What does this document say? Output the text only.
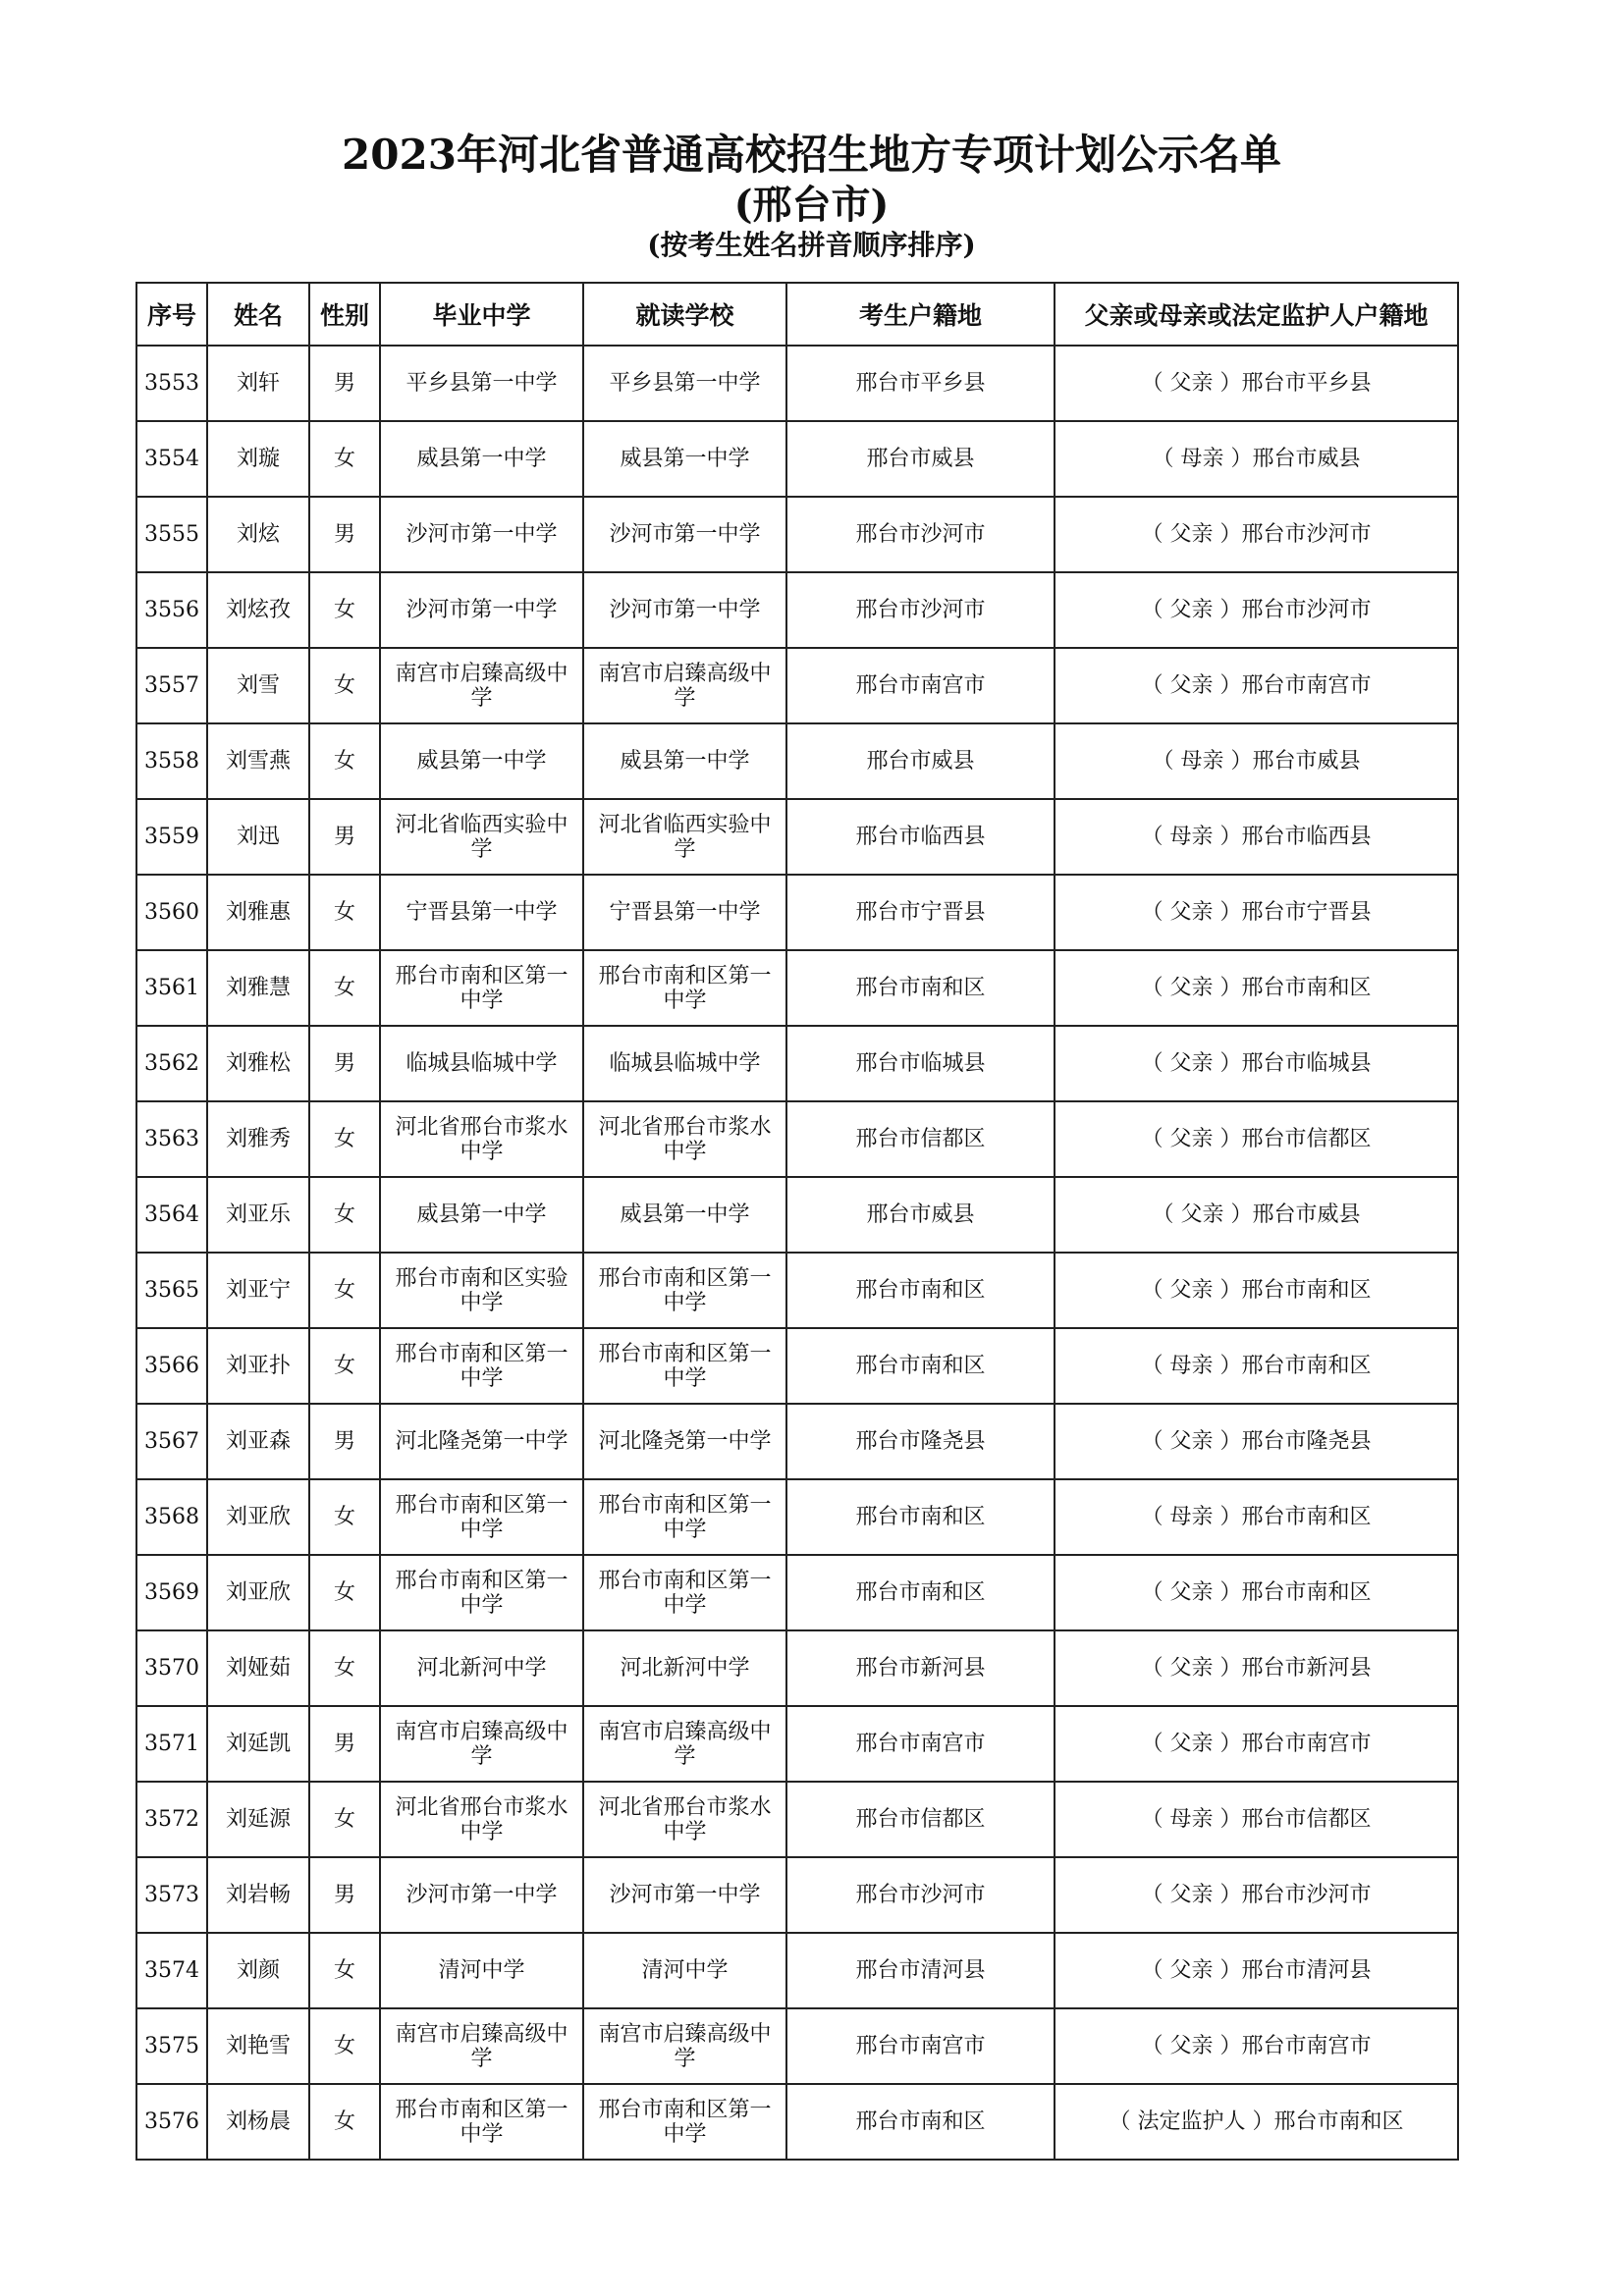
2023年河北省普通高校招生地方专项计划公示名单
(邢台市)
(按考生姓名拼音顺序排序)
序号	姓名	性别	毕业中学	就读学校	考生户籍地	父亲或母亲或法定监护人户籍地
3553	刘轩	男	平乡县第一中学	平乡县第一中学	邢台市平乡县	（ 父亲 ）邢台市平乡县
3554	刘璇	女	威县第一中学	威县第一中学	邢台市威县	（ 母亲 ）邢台市威县
3555	刘炫	男	沙河市第一中学	沙河市第一中学	邢台市沙河市	（ 父亲 ）邢台市沙河市
3556	刘炫孜	女	沙河市第一中学	沙河市第一中学	邢台市沙河市	（ 父亲 ）邢台市沙河市
3557	刘雪	女	南宫市启臻高级中学	南宫市启臻高级中学	邢台市南宫市	（ 父亲 ）邢台市南宫市
3558	刘雪燕	女	威县第一中学	威县第一中学	邢台市威县	（ 母亲 ）邢台市威县
3559	刘迅	男	河北省临西实验中学	河北省临西实验中学	邢台市临西县	（ 母亲 ）邢台市临西县
3560	刘雅惠	女	宁晋县第一中学	宁晋县第一中学	邢台市宁晋县	（ 父亲 ）邢台市宁晋县
3561	刘雅慧	女	邢台市南和区第一中学	邢台市南和区第一中学	邢台市南和区	（ 父亲 ）邢台市南和区
3562	刘雅松	男	临城县临城中学	临城县临城中学	邢台市临城县	（ 父亲 ）邢台市临城县
3563	刘雅秀	女	河北省邢台市浆水中学	河北省邢台市浆水中学	邢台市信都区	（ 父亲 ）邢台市信都区
3564	刘亚乐	女	威县第一中学	威县第一中学	邢台市威县	（ 父亲 ）邢台市威县
3565	刘亚宁	女	邢台市南和区实验中学	邢台市南和区第一中学	邢台市南和区	（ 父亲 ）邢台市南和区
3566	刘亚扑	女	邢台市南和区第一中学	邢台市南和区第一中学	邢台市南和区	（ 母亲 ）邢台市南和区
3567	刘亚森	男	河北隆尧第一中学	河北隆尧第一中学	邢台市隆尧县	（ 父亲 ）邢台市隆尧县
3568	刘亚欣	女	邢台市南和区第一中学	邢台市南和区第一中学	邢台市南和区	（ 母亲 ）邢台市南和区
3569	刘亚欣	女	邢台市南和区第一中学	邢台市南和区第一中学	邢台市南和区	（ 父亲 ）邢台市南和区
3570	刘娅茹	女	河北新河中学	河北新河中学	邢台市新河县	（ 父亲 ）邢台市新河县
3571	刘延凯	男	南宫市启臻高级中学	南宫市启臻高级中学	邢台市南宫市	（ 父亲 ）邢台市南宫市
3572	刘延源	女	河北省邢台市浆水中学	河北省邢台市浆水中学	邢台市信都区	（ 母亲 ）邢台市信都区
3573	刘岩畅	男	沙河市第一中学	沙河市第一中学	邢台市沙河市	（ 父亲 ）邢台市沙河市
3574	刘颜	女	清河中学	清河中学	邢台市清河县	（ 父亲 ）邢台市清河县
3575	刘艳雪	女	南宫市启臻高级中学	南宫市启臻高级中学	邢台市南宫市	（ 父亲 ）邢台市南宫市
3576	刘杨晨	女	邢台市南和区第一中学	邢台市南和区第一中学	邢台市南和区	（ 法定监护人 ）邢台市南和区
